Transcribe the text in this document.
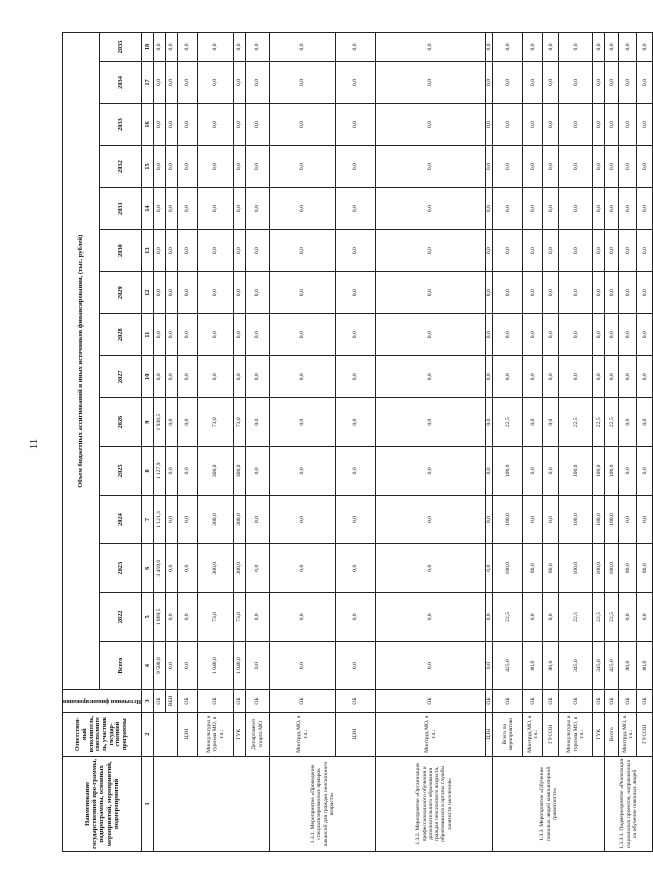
11
Наименование государственной про-граммы, подпрограммы, основных мероприятий, мероприятий, подмероприятий	Ответствен-ный исполнитель, соисполните ль, участник государ-ственной программы	Источники финансирования	Объем бюджетных ассигнований и иных источников финансирования, (тыс. рублей)														
			Всего	2022	2023	2024	2025	2026	2027	2028	2029	2030	2031	2032	2033	2034	2035
1	2	3	4	5	6	7	8	9	10	11	12	13	14	15	16	17	18
		ОБ	9 508,8	1 869,5	3 459,6	1 121,3	1 127,9	1 930,5	0,0	0,0	0,0	0,0	0,0	0,0	0,0	0,0	0,0
		ВБИ	0,0	0,0	0,0	0,0	0,0	0,0	0,0	0,0	0,0	0,0	0,0	0,0	0,0	0,0	0,0
	ЦЗН	ОБ	0,0	0,0	0,0	0,0	0,0	0,0	0,0	0,0	0,0	0,0	0,0	0,0	0,0	0,0	0,0
	Минкультуры и туризма МО, в т.ч.:	ОБ	1 046,0	73,0	300,0	300,0	300,0	73,0	0,0	0,0	0,0	0,0	0,0	0,0	0,0	0,0	0,0
	ГУК	ОБ	1 046,0	73,0	300,0	300,0	300,0	73,0	0,0	0,0	0,0	0,0	0,0	0,0	0,0	0,0	0,0
	Департамент спорта МО	ОБ	0,0	0,0	0,0	0,0	0,0	0,0	0,0	0,0	0,0	0,0	0,0	0,0	0,0	0,0	0,0
1.3.1. Мероприятие «Проведение специализированных ярмарок вакансий для граждан пенсионного возраста»	Минтруд МО, в т.ч.:	ОБ	0,0	0,0	0,0	0,0	0,0	0,0	0,0	0,0	0,0	0,0	0,0	0,0	0,0	0,0	0,0
	ЦЗН	ОБ	0,0	0,0	0,0	0,0	0,0	0,0	0,0	0,0	0,0	0,0	0,0	0,0	0,0	0,0	0,0
1.3.2. Мероприятие «Организация профессионального обучения и дополнительного образования граждан пенсионного возраста, обратившихся в органы службы занятости населения»	Минтруд МО, в т.ч.:	ОБ	0,0	0,0	0,0	0,0	0,0	0,0	0,0	0,0	0,0	0,0	0,0	0,0	0,0	0,0	0,0
	ЦЗН	ОБ	0,0	0,0	0,0	0,0	0,0	0,0	0,0	0,0	0,0	0,0	0,0	0,0	0,0	0,0	0,0
1.3.3. Мероприятие «Обучение пожилых людей компьютерной грамотности»	Всего по мероприятию	ОБ	425,0	22,5	180,0	100,0	100,0	22,5	0,0	0,0	0,0	0,0	0,0	0,0	0,0	0,0	0,0
	Минтруд МО, в т.ч.:	ОБ	80,0	0,0	80,0	0,0	0,0	0,0	0,0	0,0	0,0	0,0	0,0	0,0	0,0	0,0	0,0
	ГУСОН	ОБ	80,0	0,0	80,0	0,0	0,0	0,0	0,0	0,0	0,0	0,0	0,0	0,0	0,0	0,0	0,0
	Минкультуры и туризма МО, в т.ч.:	ОБ	345,0	22,5	100,0	100,0	100,0	22,5	0,0	0,0	0,0	0,0	0,0	0,0	0,0	0,0	0,0
	ГУК	ОБ	345,0	22,5	100,0	100,0	100,0	22,5	0,0	0,0	0,0	0,0	0,0	0,0	0,0	0,0	0,0
1.3.3.1. Подмероприятие «Реализация социальных проектов, направленных на обучение пожилых людей	Всего	ОБ	425,0	22,5	180,0	100,0	100,0	22,5	0,0	0,0	0,0	0,0	0,0	0,0	0,0	0,0	0,0
	Минтруд МО, в т.ч.:	ОБ	80,0	0,0	80,0	0,0	0,0	0,0	0,0	0,0	0,0	0,0	0,0	0,0	0,0	0,0	0,0
	ГУСОН	ОБ	80,0	0,0	80,0	0,0	0,0	0,0	0,0	0,0	0,0	0,0	0,0	0,0	0,0	0,0	0,0
